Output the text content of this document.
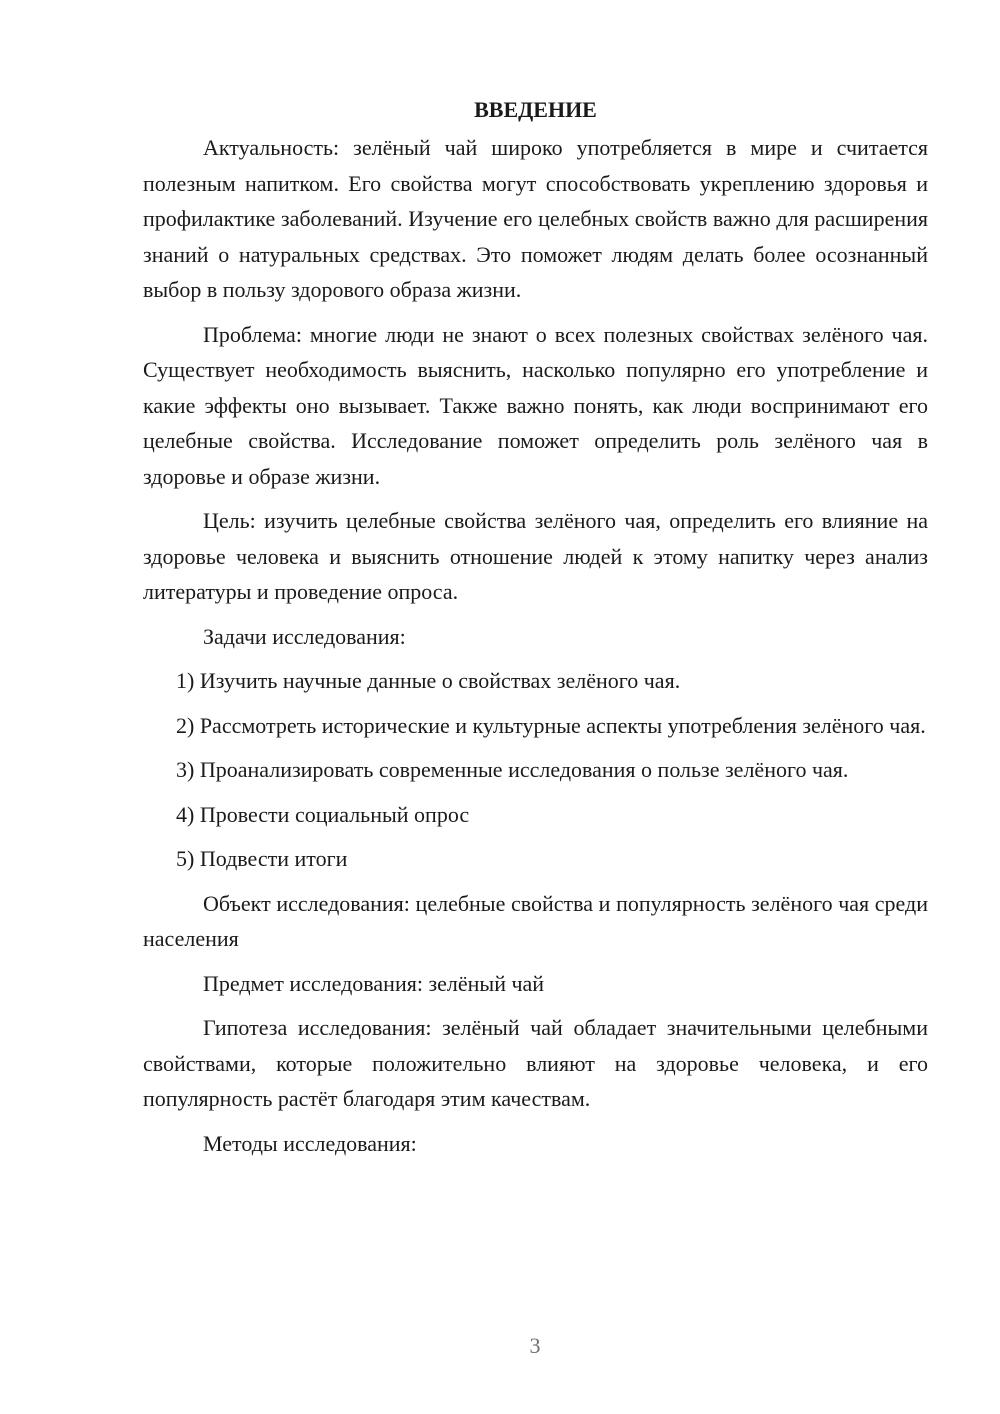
ВВЕДЕНИЕ
Актуальность: зелёный чай широко употребляется в мире и считается полезным напитком. Его свойства могут способствовать укреплению здоровья и профилактике заболеваний. Изучение его целебных свойств важно для расширения знаний о натуральных средствах. Это поможет людям делать более осознанный выбор в пользу здорового образа жизни.
Проблема: многие люди не знают о всех полезных свойствах зелёного чая. Существует необходимость выяснить, насколько популярно его употребление и какие эффекты оно вызывает. Также важно понять, как люди воспринимают его целебные свойства. Исследование поможет определить роль зелёного чая в здоровье и образе жизни.
Цель: изучить целебные свойства зелёного чая, определить его влияние на здоровье человека и выяснить отношение людей к этому напитку через анализ литературы и проведение опроса.
Задачи исследования:
1) Изучить научные данные о свойствах зелёного чая.
2) Рассмотреть исторические и культурные аспекты употребления зелёного чая.
3) Проанализировать современные исследования о пользе зелёного чая.
4) Провести социальный опрос
5) Подвести итоги
Объект исследования: целебные свойства и популярность зелёного чая среди населения
Предмет исследования: зелёный чай
Гипотеза исследования: зелёный чай обладает значительными целебными свойствами, которые положительно влияют на здоровье человека, и его популярность растёт благодаря этим качествам.
Методы исследования:
3
